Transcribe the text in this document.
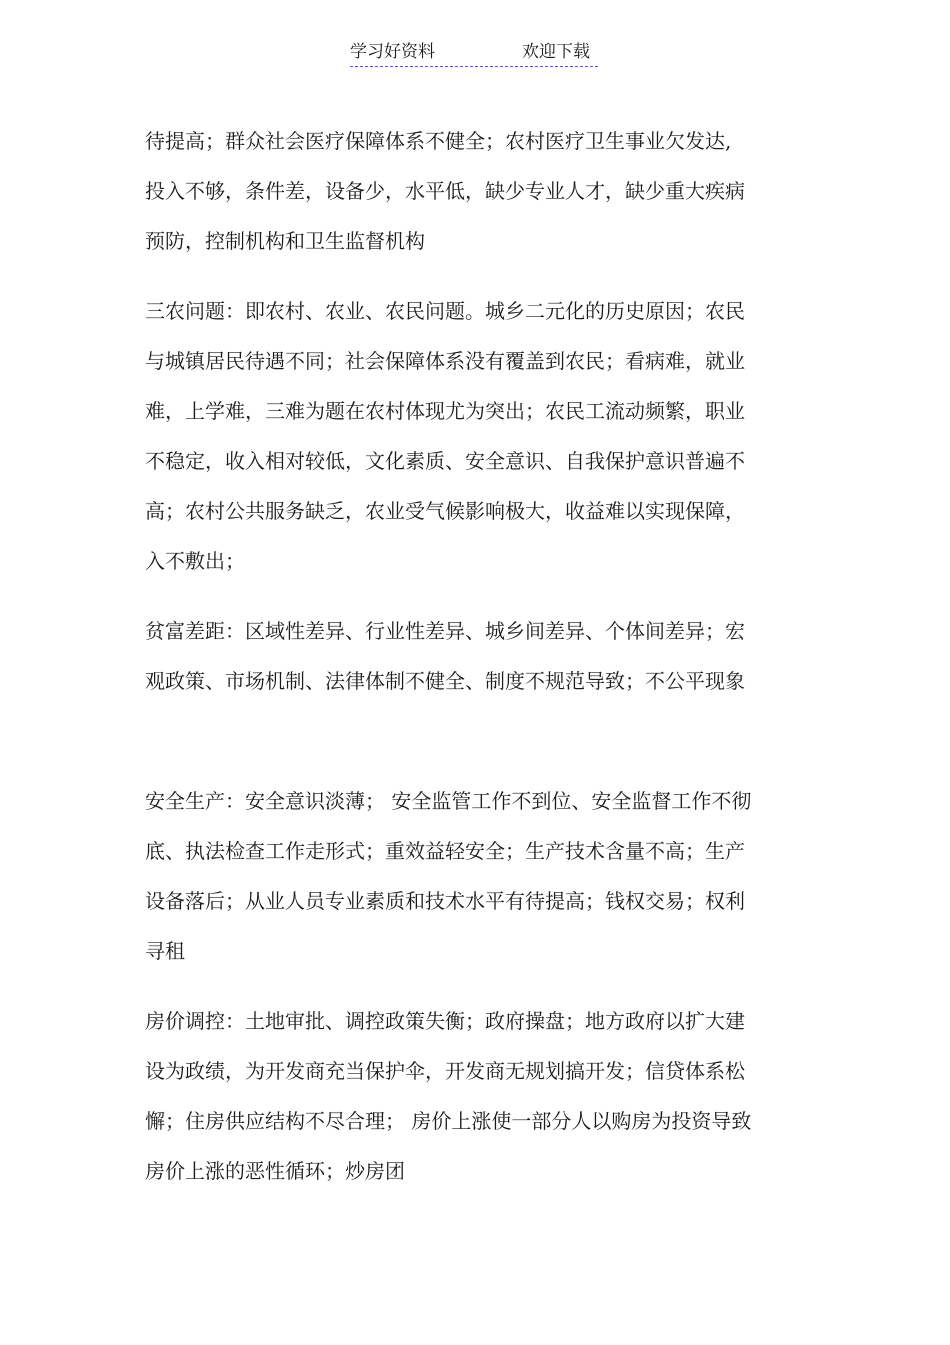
学习好资料	欢迎下载

待提高；群众社会医疗保障体系不健全；农村医疗卫生事业欠发达,
投入不够，条件差，设备少，水平低，缺少专业人才，缺少重大疾病
预防，控制机构和卫生监督机构

三农问题：即农村、农业、农民问题。城乡二元化的历史原因；农民
与城镇居民待遇不同；社会保障体系没有覆盖到农民；看病难，就业
难，上学难，三难为题在农村体现尤为突出；农民工流动频繁，职业
不稳定，收入相对较低，文化素质、安全意识、自我保护意识普遍不
高；农村公共服务缺乏，农业受气候影响极大，收益难以实现保障，
入不敷出；

贫富差距：区域性差异、行业性差异、城乡间差异、个体间差异；宏
观政策、市场机制、法律体制不健全、制度不规范导致；不公平现象

安全生产：安全意识淡薄； 安全监管工作不到位、安全监督工作不彻
底、执法检查工作走形式；重效益轻安全；生产技术含量不高；生产
设备落后；从业人员专业素质和技术水平有待提高；钱权交易；权利
寻租

房价调控：土地审批、调控政策失衡；政府操盘；地方政府以扩大建
设为政绩，为开发商充当保护伞，开发商无规划搞开发；信贷体系松
懈；住房供应结构不尽合理； 房价上涨使一部分人以购房为投资导致
房价上涨的恶性循环；炒房团
